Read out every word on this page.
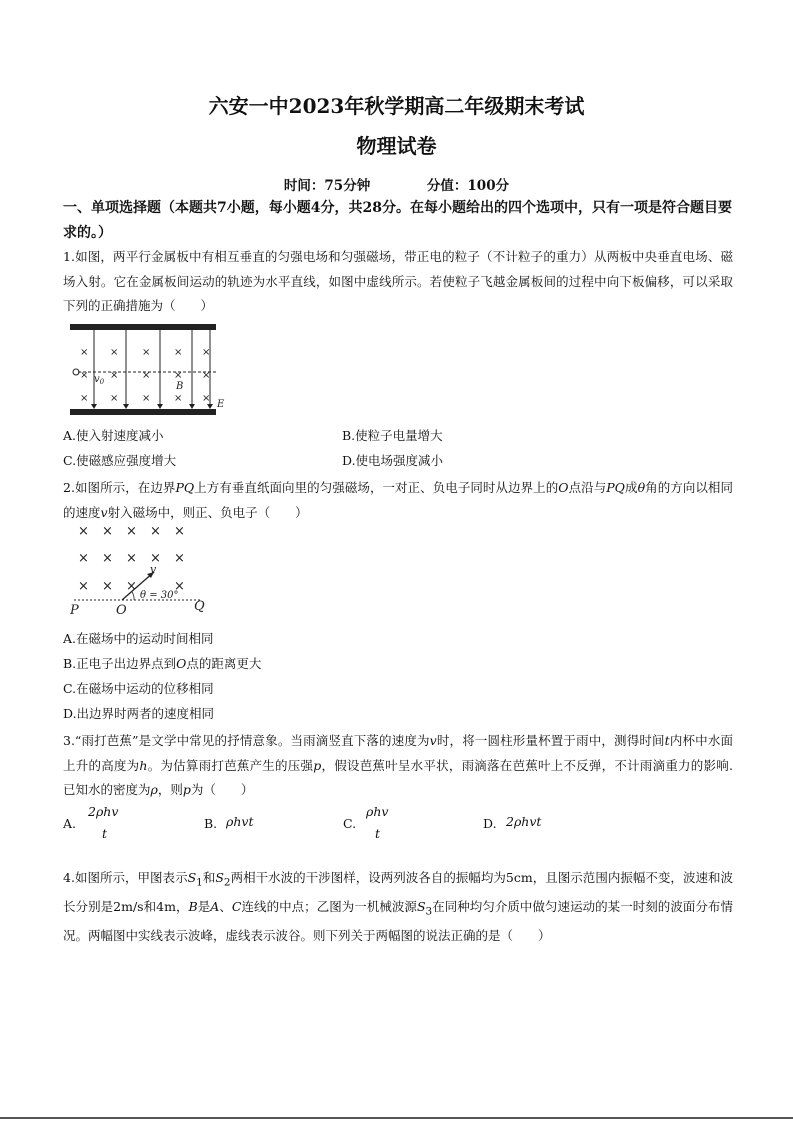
六安一中2023年秋学期高二年级期末考试
物理试卷
时间：75分钟	分值：100分
一、单项选择题（本题共7小题，每小题4分，共28分。在每小题给出的四个选项中，只有一项是符合题目要求的。）
1.如图，两平行金属板中有相互垂直的匀强电场和匀强磁场，带正电的粒子（不计粒子的重力）从两板中央垂直电场、磁场入射。它在金属板间运动的轨迹为水平直线，如图中虚线所示。若使粒子飞越金属板间的过程中向下板偏移，可以采取下列的正确措施为（　　）
× × × × ×
× × × × ×
× × × × ×
$v_0$	B
E
A.使入射速度减小	B.使粒子电量增大
C.使磁感应强度增大	D.使电场强度减小
2.如图所示，在边界PQ上方有垂直纸面向里的匀强磁场，一对正、负电子同时从边界上的O点沿与PQ成θ角的方向以相同的速度v射入磁场中，则正、负电子（　　）
× × × × ×
× × × × ×
× × ×	×
v
θ = 30°
P	O	Q
A.在磁场中的运动时间相同
B.正电子出边界点到O点的距离更大
C.在磁场中运动的位移相同
D.出边界时两者的速度相同
3.“雨打芭蕉”是文学中常见的抒情意象。当雨滴竖直下落的速度为v时，将一圆柱形量杯置于雨中，测得时间t内杯中水面上升的高度为h。为估算雨打芭蕉产生的压强p，假设芭蕉叶呈水平状，雨滴落在芭蕉叶上不反弹，不计雨滴重力的影响.已知水的密度为ρ，则p为（　　）
A.
2ρhv
t
B. ρhvt	C.
ρhv
t
D. 2ρhvt
4.如图所示，甲图表示$S_1$和$S_2$两相干水波的干涉图样，设两列波各自的振幅均为5cm，且图示范围内振幅不变，波速和波长分别是2m/s和4m，B是A、C连线的中点；乙图为一机械波源$S_3$在同种均匀介质中做匀速运动的某一时刻的波面分布情况。两幅图中实线表示波峰，虚线表示波谷。则下列关于两幅图的说法正确的是（　　）
